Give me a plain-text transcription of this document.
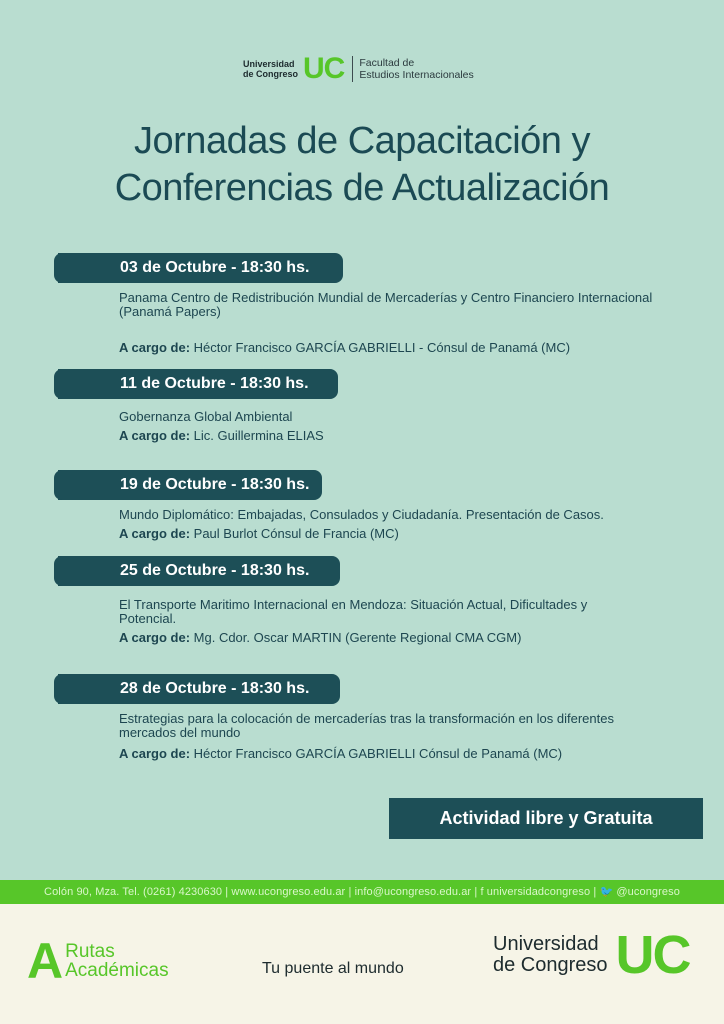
Universidad
de Congreso UC Facultad de
Estudios Internacionales
Jornadas de Capacitación y
Conferencias de Actualización
03 de Octubre - 18:30 hs.
Panama Centro de Redistribución Mundial de Mercaderías y Centro Financiero Internacional (Panamá Papers)
A cargo de: Héctor Francisco GARCÍA GABRIELLI - Cónsul de Panamá (MC)
11 de Octubre - 18:30 hs.
Gobernanza Global Ambiental
A cargo de: Lic. Guillermina ELIAS
19 de Octubre - 18:30 hs.
Mundo Diplomático: Embajadas, Consulados y Ciudadanía. Presentación de Casos.
A cargo de: Paul Burlot Cónsul de Francia (MC)
25 de Octubre - 18:30 hs.
El Transporte Maritimo Internacional en Mendoza: Situación Actual, Dificultades y Potencial.
A cargo de: Mg. Cdor. Oscar MARTIN (Gerente Regional CMA CGM)
28 de Octubre - 18:30 hs.
Estrategias para la colocación de mercaderías tras la transformación en los diferentes mercados del mundo
A cargo de: Héctor Francisco GARCÍA GABRIELLI Cónsul de Panamá (MC)
Actividad libre y Gratuita
Colón 90, Mza. Tel. (0261) 4230630 | www.ucongreso.edu.ar | info@ucongreso.edu.ar | f universidadcongreso | 🐦 @ucongreso
A Rutas
Académicas	Tu puente al mundo
Universidad
de Congreso UC
